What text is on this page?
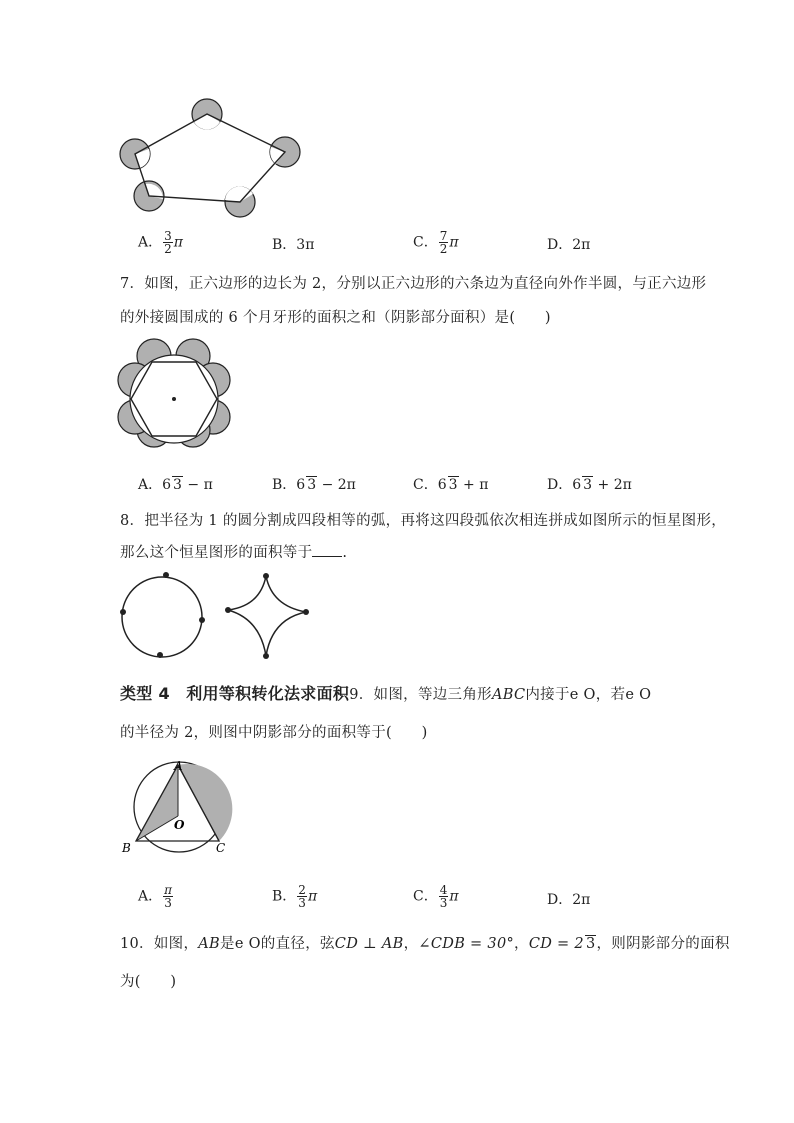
A． $\frac{3}{2}$ π	B．3π	C． $\frac{7}{2}$ π	D．2π
7．如图，正六边形的边长为 2，分别以正六边形的六条边为直径向外作半圆，与正六边形
的外接圆围成的 6 个月牙形的面积之和（阴影部分面积）是(　　)
A．6 3 − π	B．6 3 − 2π	C．6 3 + π	D．6 3 + 2π
8．把半径为 1 的圆分割成四段相等的弧，再将这四段弧依次相连拼成如图所示的恒星图形，
那么这个恒星图形的面积等于 .
类型 4　利用等积转化法求面积9．如图，等边三角形ABC内接于e O，若e O
的半径为 2，则图中阴影部分的面积等于(　　)
A
O
B	C
A． $\frac{\pi}{3}$	B． $\frac{2}{3}$ π	C． $\frac{4}{3}$ π	D．2π
10．如图，AB是e O的直径，弦CD ⊥ AB，∠CDB = 30°，CD = 2 3，则阴影部分的面积
为(　　)
